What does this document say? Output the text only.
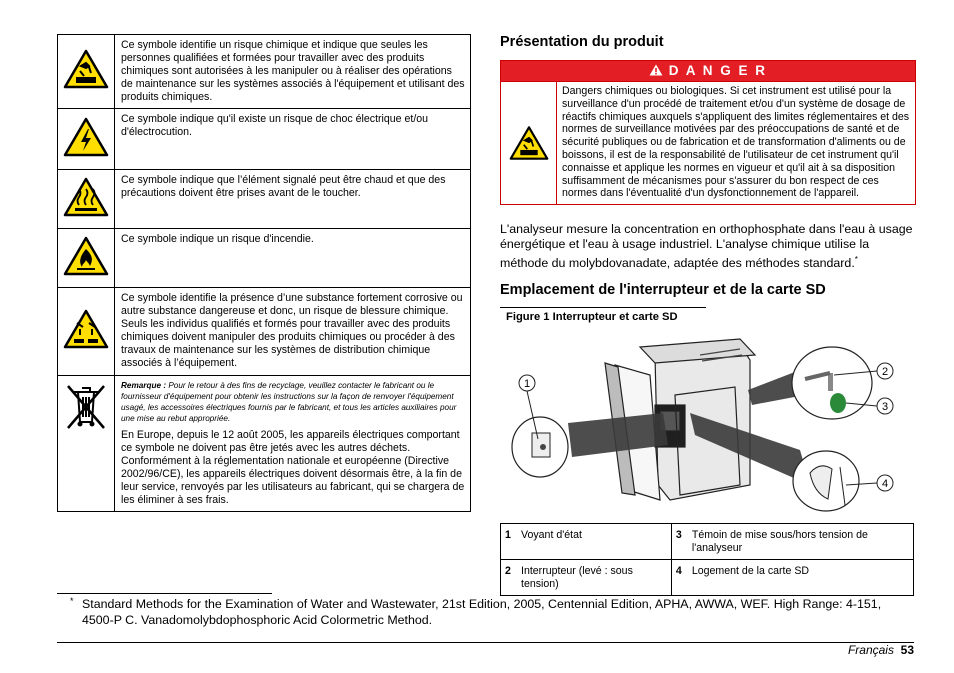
	Ce symbole identifie un risque chimique et indique que seules les personnes qualifiées et formées pour travailler avec des produits chimiques sont autorisées à les manipuler ou à réaliser des opérations de maintenance sur les systèmes associés à l'équipement et utilisant des produits chimiques.
	Ce symbole indique qu'il existe un risque de choc électrique et/ou d'électrocution.
	Ce symbole indique que l’élément signalé peut être chaud et que des précautions doivent être prises avant de le toucher.
	Ce symbole indique un risque d'incendie.
	Ce symbole identifie la présence d’une substance fortement corrosive ou autre substance dangereuse et donc, un risque de blessure chimique. Seuls les individus qualifiés et formés pour travailler avec des produits chimiques doivent manipuler des produits chimiques ou procéder à des travaux de maintenance sur les systèmes de distribution chimique associés à l’équipement.

Remarque : Pour le retour à des fins de recyclage, veuillez contacter le fabricant ou le fournisseur d'équipement pour obtenir les instructions sur la façon de renvoyer l'équipement usagé, les accessoires électriques fournis par le fabricant, et tous les articles auxiliaires pour une mise au rebut appropriée.
En Europe, depuis le 12 août 2005, les appareils électriques comportant ce symbole ne doivent pas être jetés avec les autres déchets. Conformément à la réglementation nationale et européenne (Directive 2002/96/CE), les appareils électriques doivent désormais être, à la fin de leur service, renvoyés par les utilisateurs au fabricant, qui se chargera de les éliminer à ses frais.
Présentation du produit
D A N G E R
Dangers chimiques ou biologiques. Si cet instrument est utilisé pour la surveillance d'un procédé de traitement et/ou d'un système de dosage de réactifs chimiques auxquels s'appliquent des limites réglementaires et des normes de surveillance motivées par des préoccupations de santé et de sécurité publiques ou de fabrication et de transformation d'aliments ou de boissons, il est de la responsabilité de l'utilisateur de cet instrument qu'il connaisse et applique les normes en vigueur et qu'il ait à sa disposition suffisamment de mécanismes pour s'assurer du bon respect de ces normes dans l'éventualité d'un dysfonctionnement de l'appareil.
L'analyseur mesure la concentration en orthophosphate dans l'eau à usage énergétique et l'eau à usage industriel. L'analyse chimique utilise la méthode du molybdovanadate, adaptée des méthodes standard.*
Emplacement de l'interrupteur et de la carte SD
Figure 1 Interrupteur et carte SD
1
2
3
4
1	Voyant d'état	3	Témoin de mise sous/hors tension de l'analyseur
2	Interrupteur (levé : sous tension)	4	Logement de la carte SD
* Standard Methods for the Examination of Water and Wastewater, 21st Edition, 2005, Centennial Edition, APHA, AWWA, WEF. High Range: 4-151, 4500-P C. Vanadomolybdophosphoric Acid Colormetric Method.
Français 53
